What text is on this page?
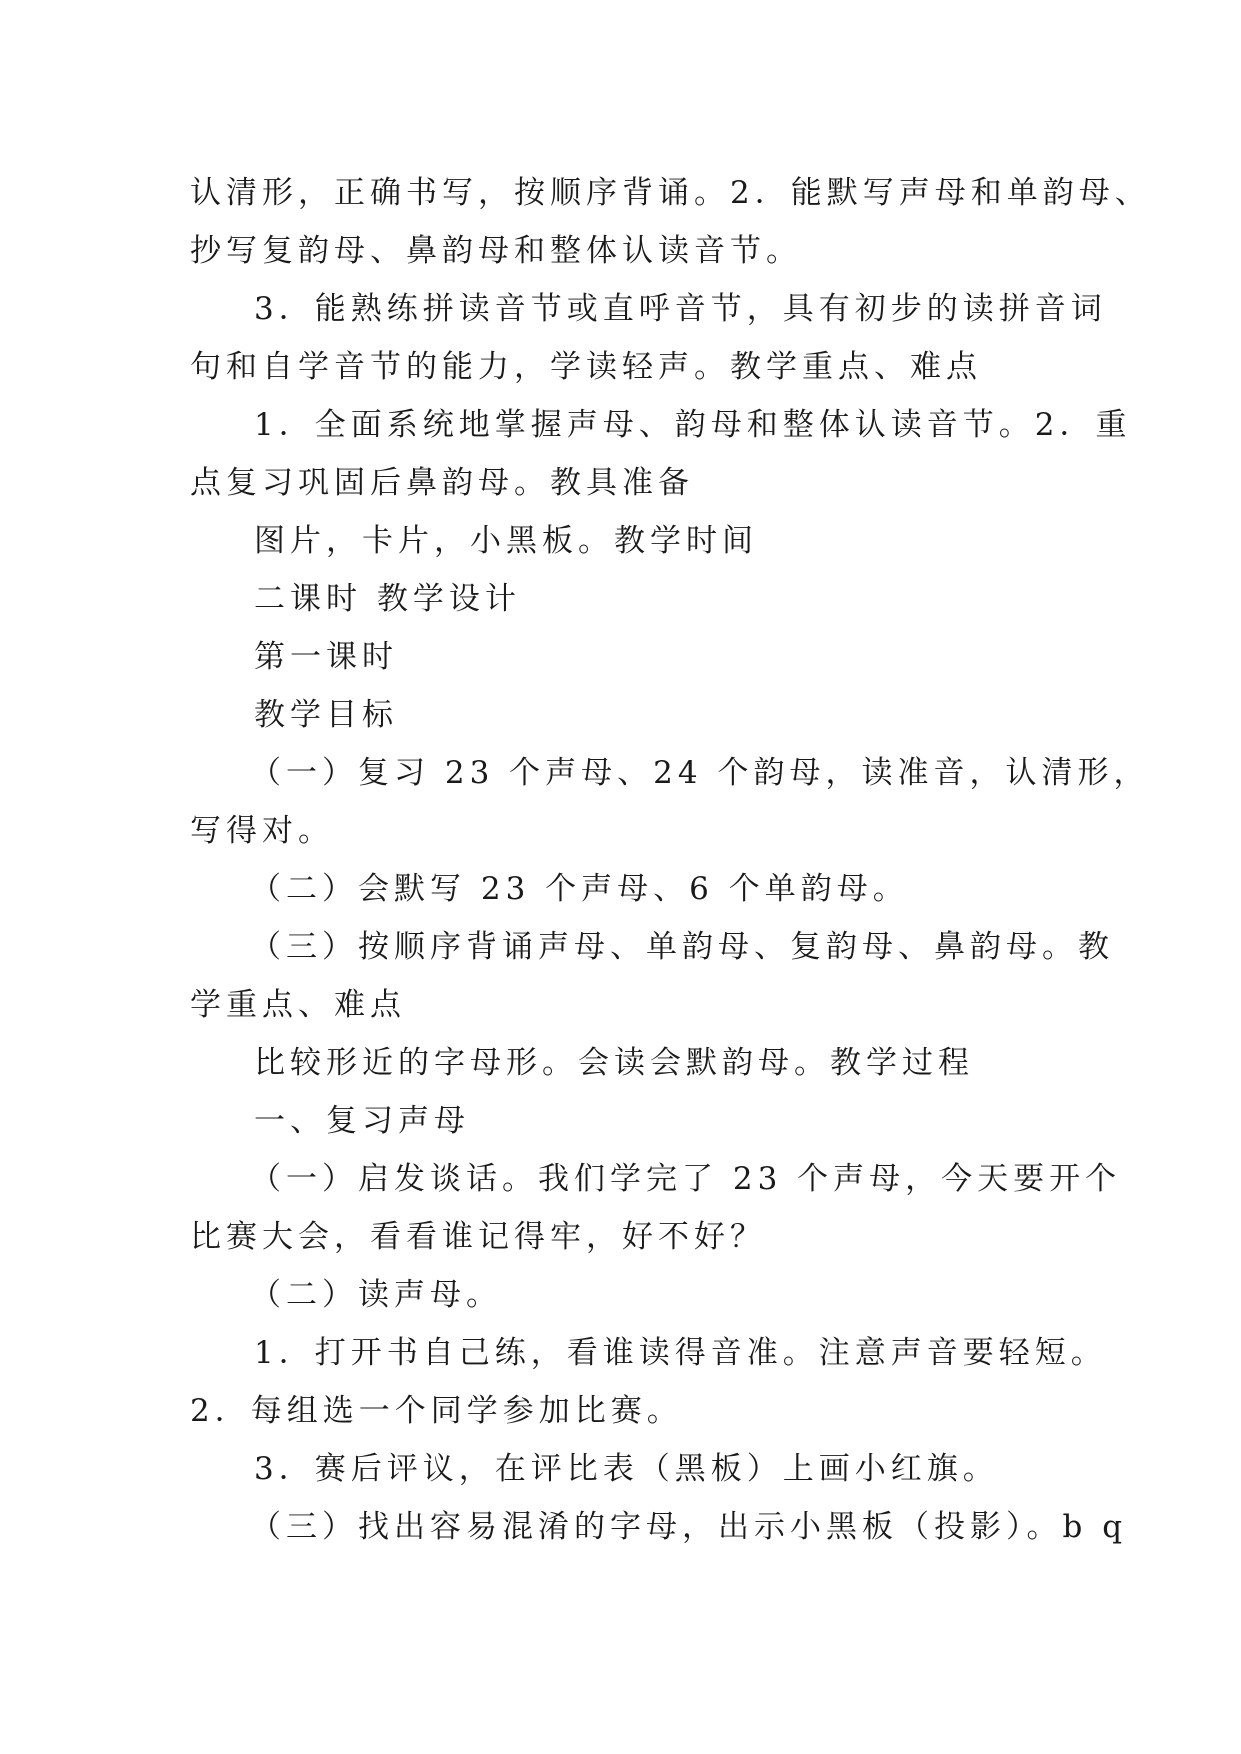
认清形，正确书写，按顺序背诵。2．能默写声母和单韵母、

抄写复韵母、鼻韵母和整体认读音节。

3．能熟练拼读音节或直呼音节，具有初步的读拼音词

句和自学音节的能力，学读轻声。教学重点、难点

1．全面系统地掌握声母、韵母和整体认读音节。2．重

点复习巩固后鼻韵母。教具准备

图片，卡片，小黑板。教学时间

二课时 教学设计

第一课时

教学目标

（一）复习 23 个声母、24 个韵母，读准音，认清形，

写得对。

（二）会默写 23 个声母、6 个单韵母。

（三）按顺序背诵声母、单韵母、复韵母、鼻韵母。教

学重点、难点

比较形近的字母形。会读会默韵母。教学过程

一、复习声母

（一）启发谈话。我们学完了 23 个声母，今天要开个

比赛大会，看看谁记得牢，好不好？

（二）读声母。

1．打开书自己练，看谁读得音准。注意声音要轻短。

2．每组选一个同学参加比赛。

3．赛后评议，在评比表（黑板）上画小红旗。

（三）找出容易混淆的字母，出示小黑板（投影）。b q
